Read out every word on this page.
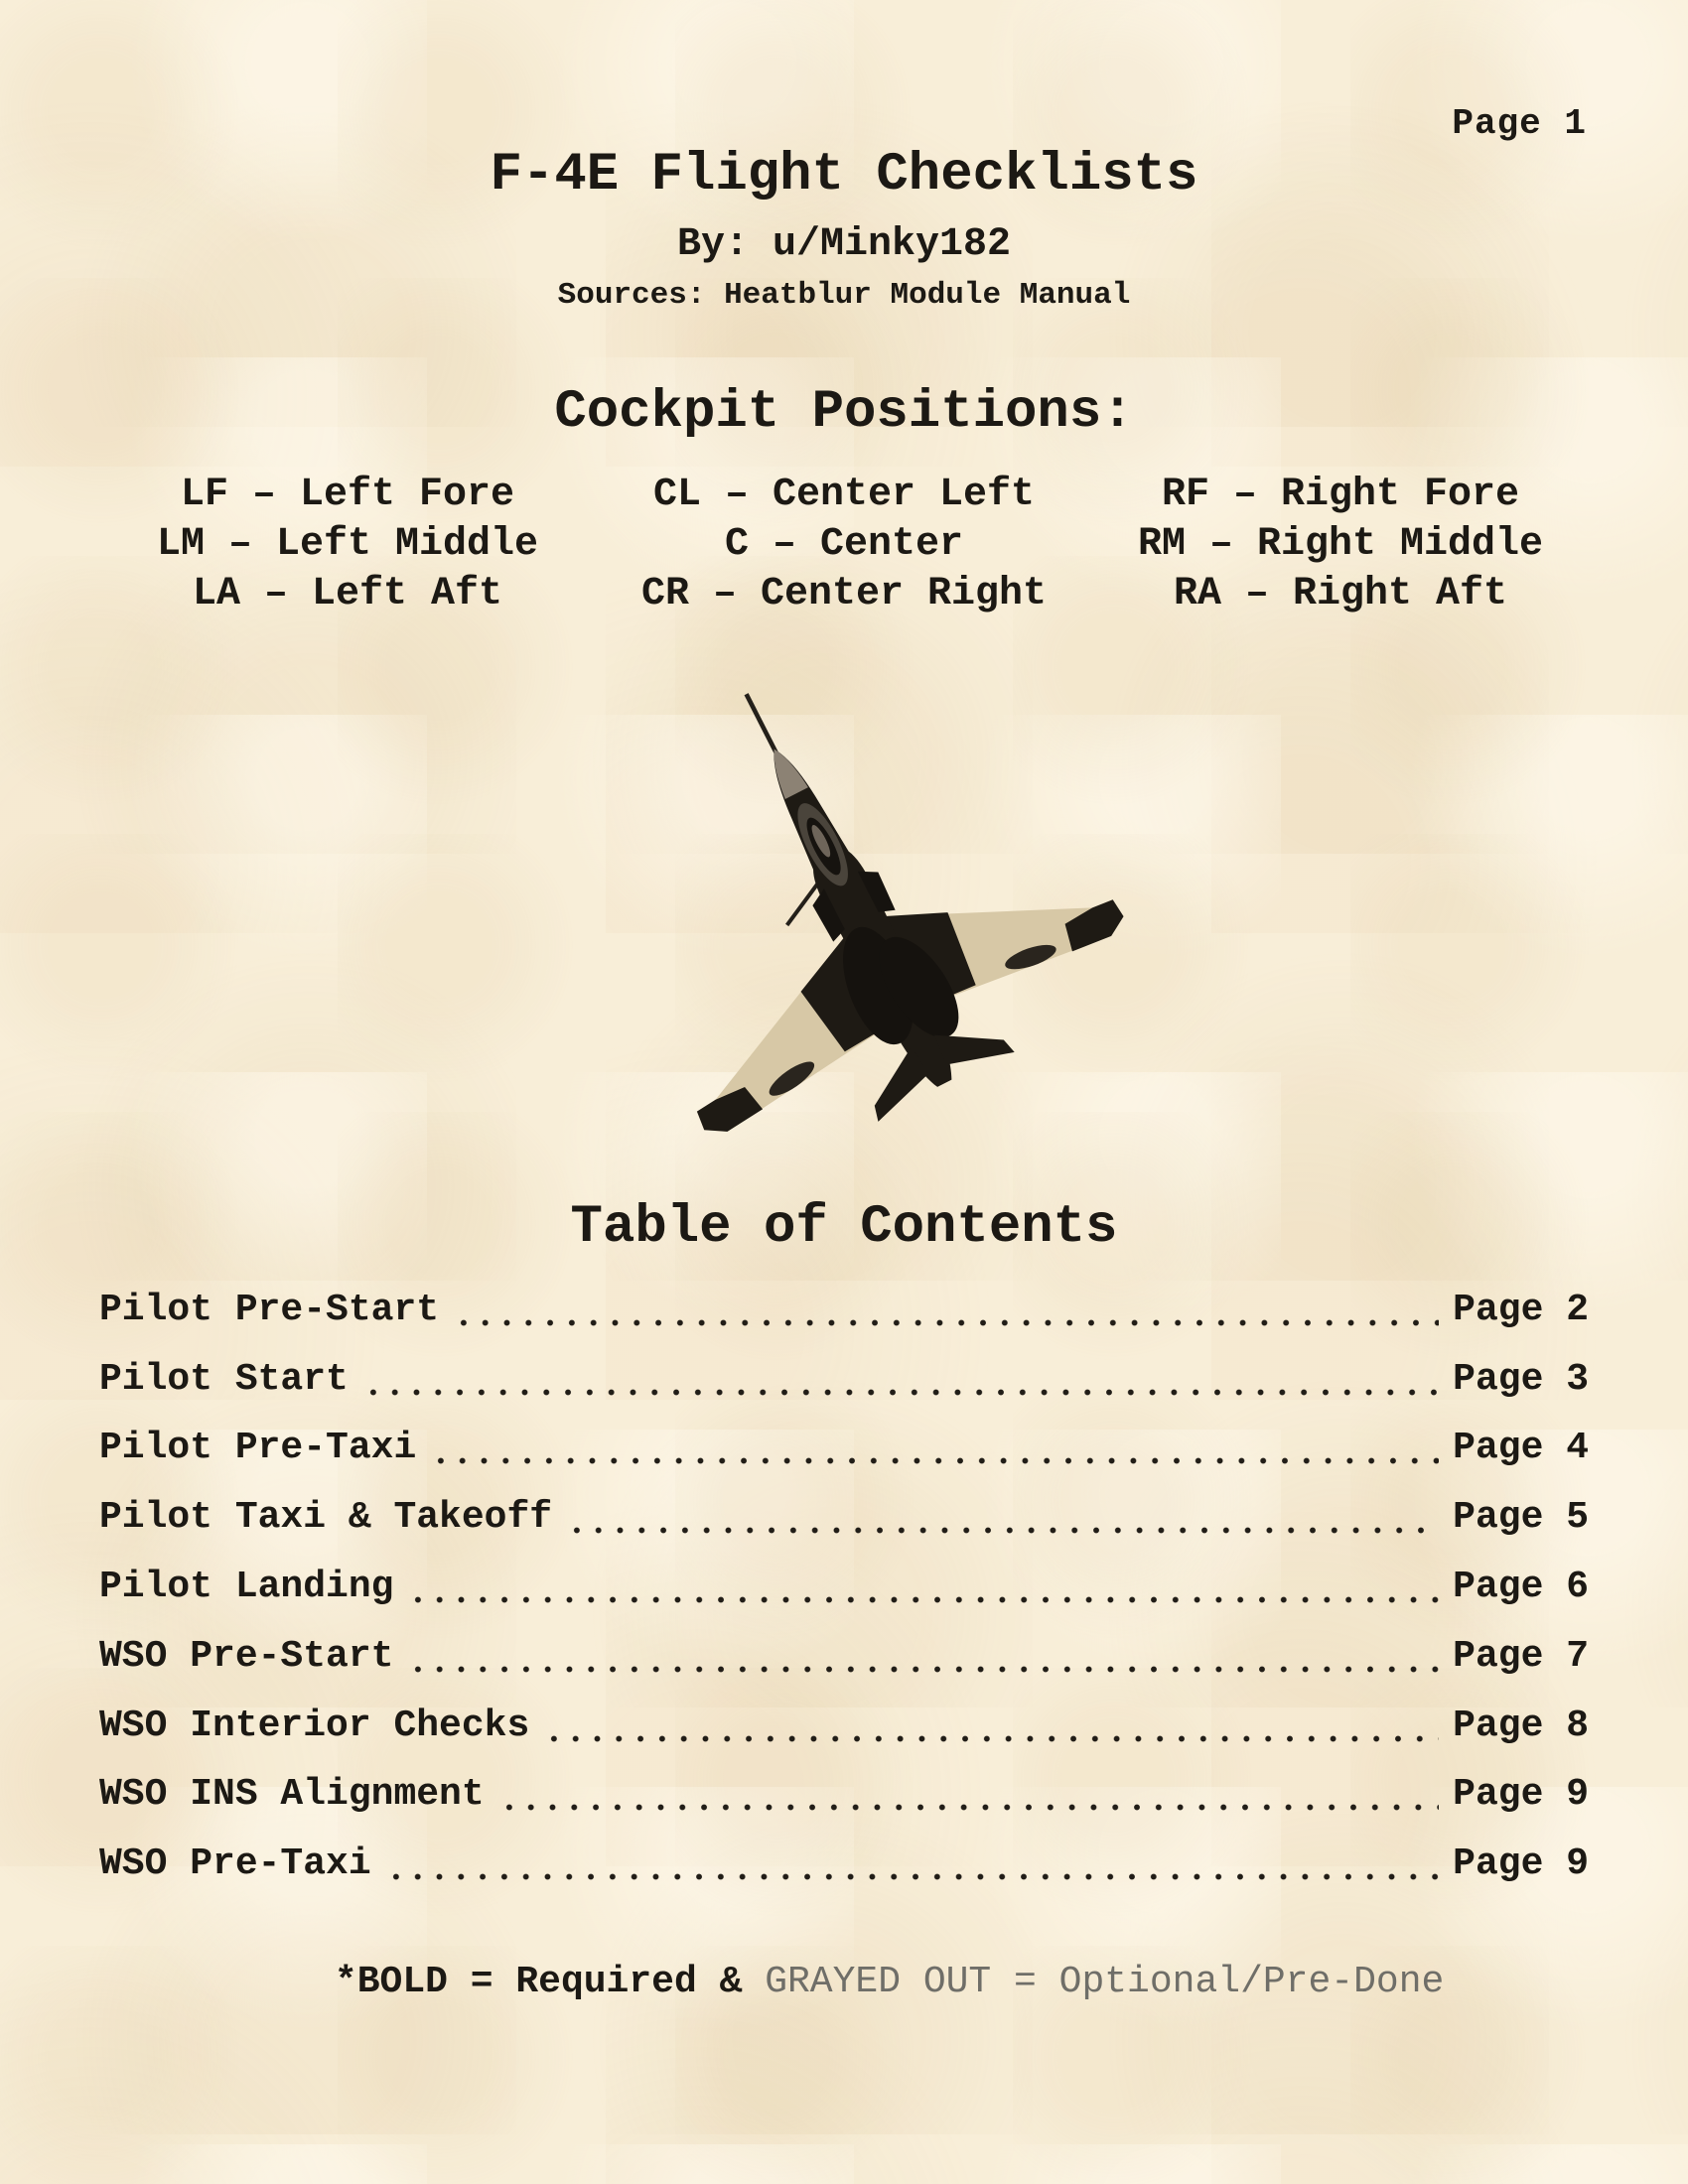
Page 1
F-4E Flight Checklists
By: u/Minky182
Sources: Heatblur Module Manual
Cockpit Positions:
LF – Left Fore	CL – Center Left	RF – Right Fore
LM – Left Middle	C – Center	RM – Right Middle
LA – Left Aft	CR – Center Right	RA – Right Aft
Table of Contents
Pilot Pre-Start	Page 2
Pilot Start	Page 3
Pilot Pre-Taxi	Page 4
Pilot Taxi & Takeoff	Page 5
Pilot Landing	Page 6
WSO Pre-Start	Page 7
WSO Interior Checks	Page 8
WSO INS Alignment	Page 9
WSO Pre-Taxi	Page 9

*BOLD = Required & GRAYED OUT = Optional/Pre-Done
